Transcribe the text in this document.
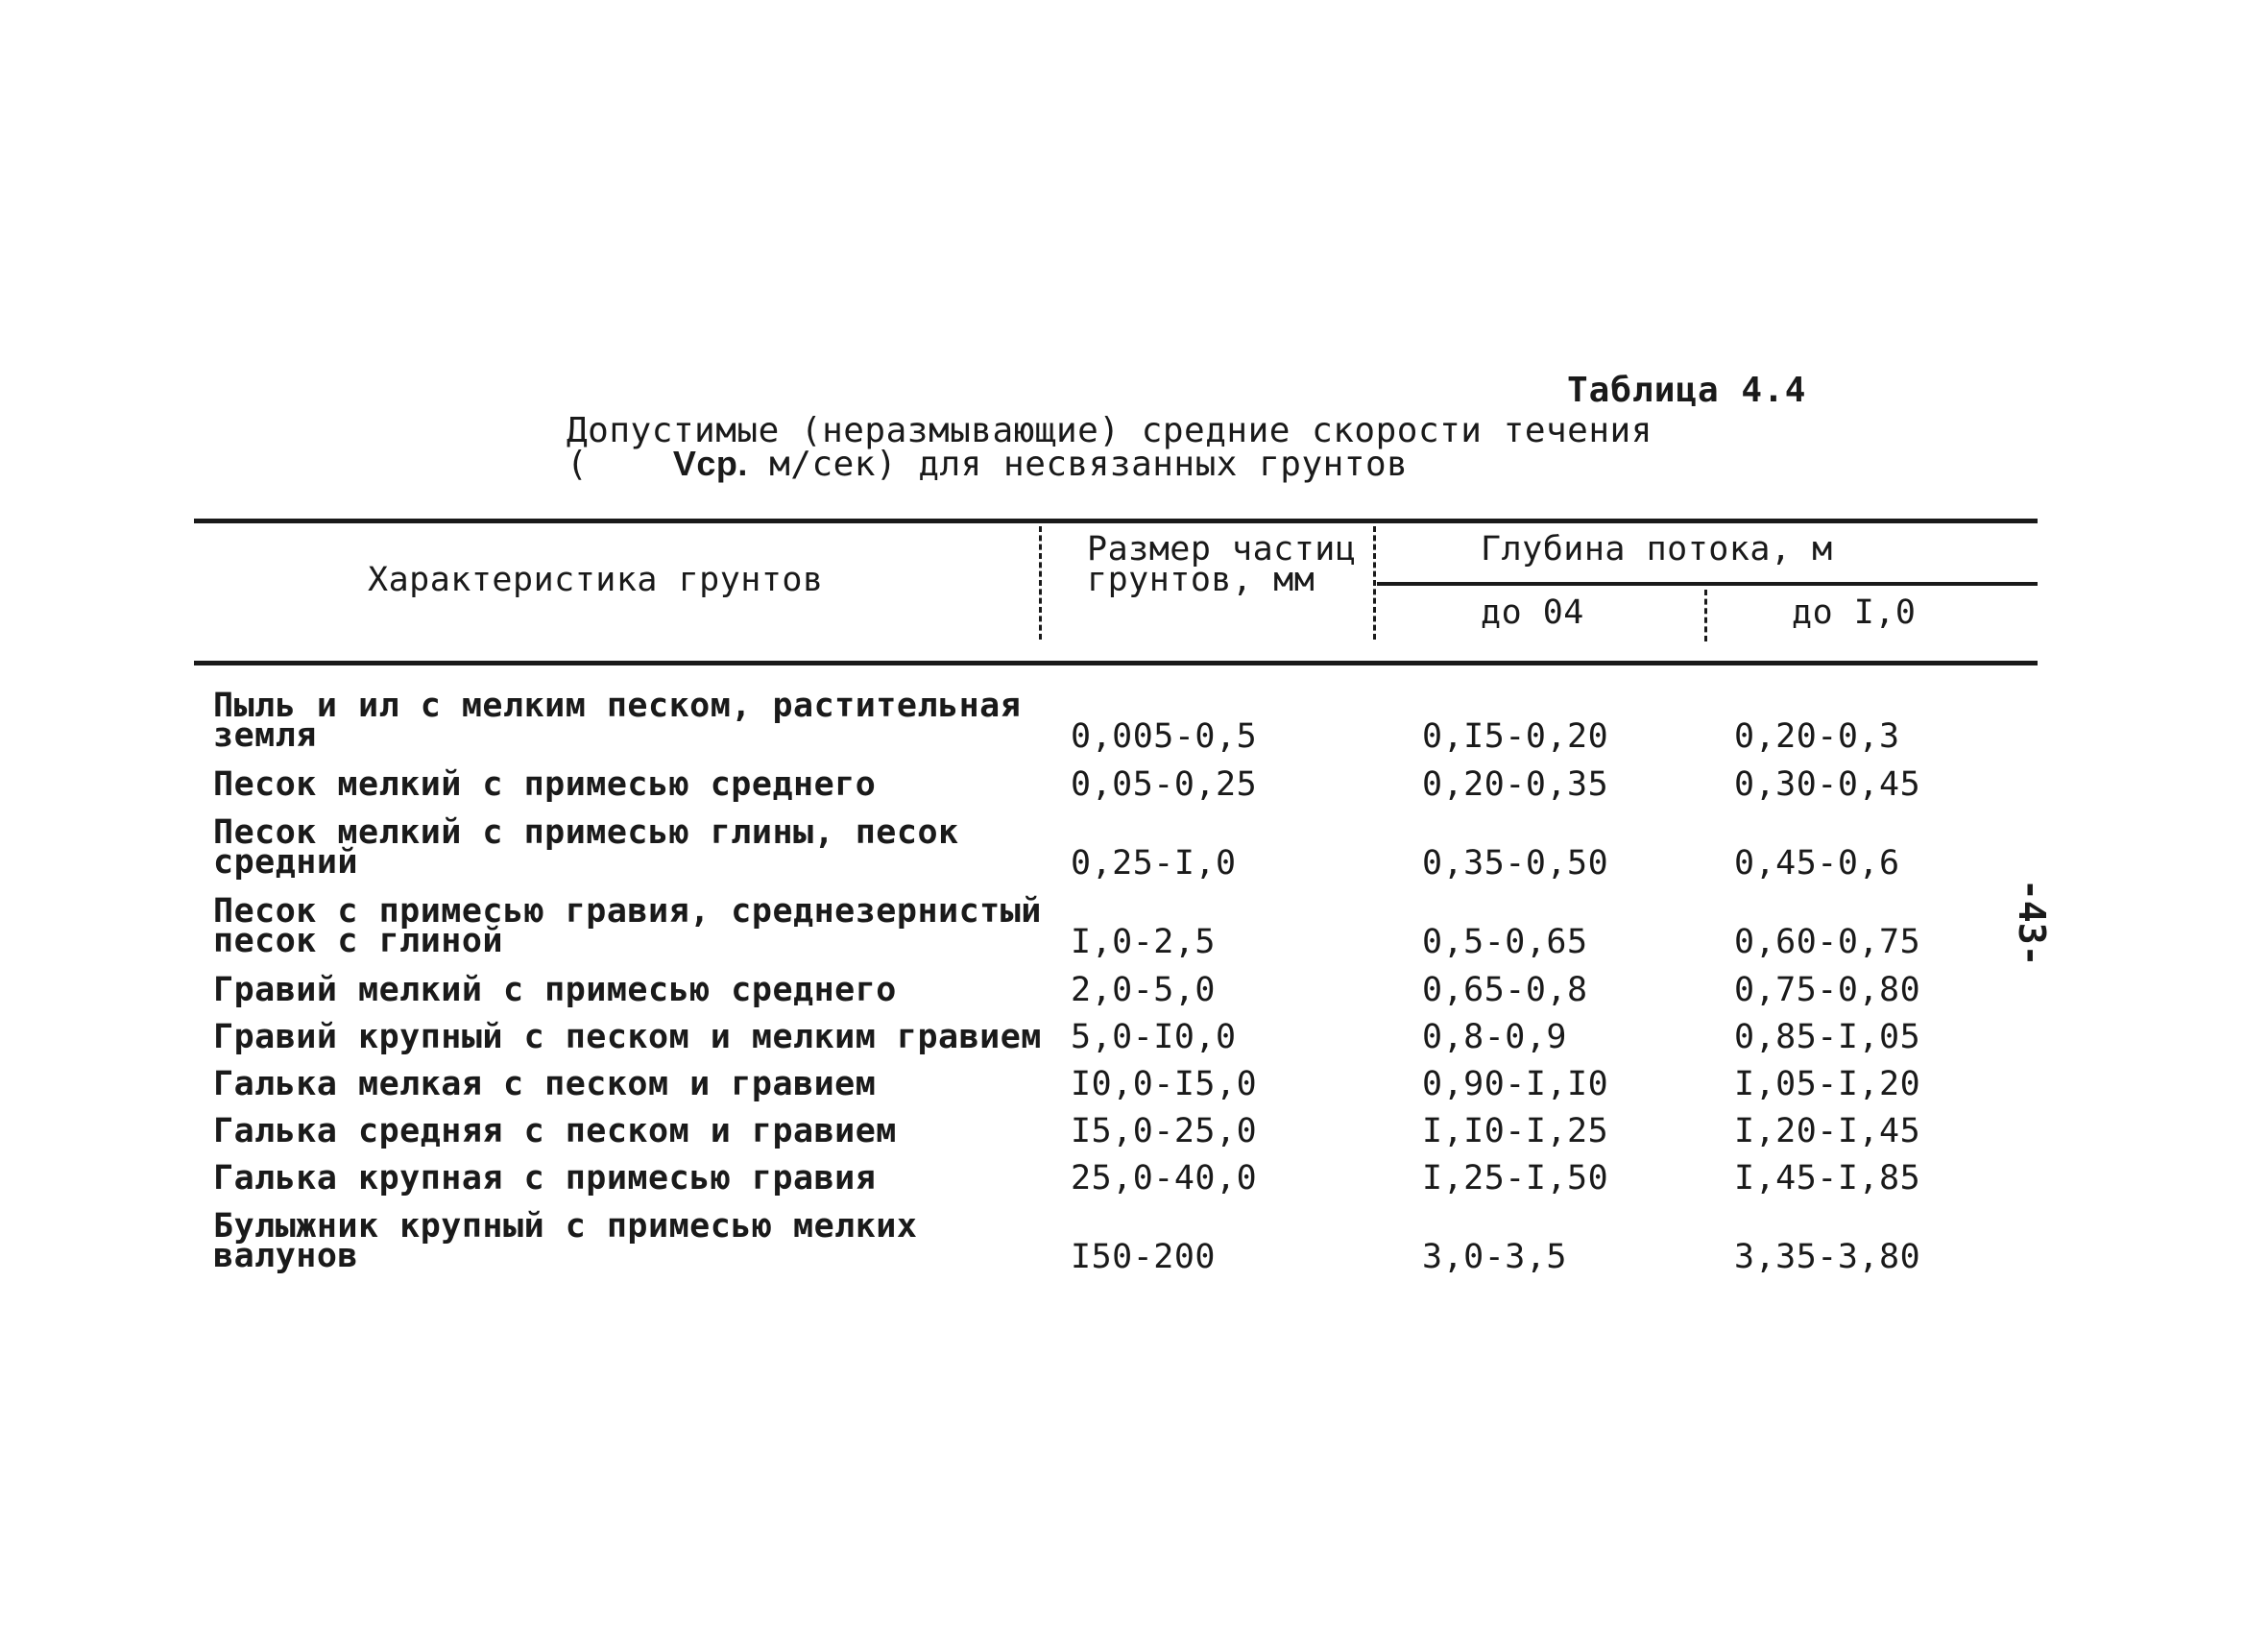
Таблица 4.4
Допустимые (неразмывающие) средние скорости течения
( Vср. м/сек) для несвязанных грунтов
Характеристика грунтов
Размер частиц
грунтов, мм
Глубина потока, м
до 04	до I,0
Пыль и ил с мелким песком, растительная
земля	0,005-0,5	0,I5-0,20	0,20-0,3
Песок мелкий с примесью среднего	0,05-0,25	0,20-0,35	0,30-0,45
Песок мелкий с примесью глины, песок
средний	0,25-I,0	0,35-0,50	0,45-0,6
Песок с примесью гравия, среднезернистый
песок с глиной	I,0-2,5	0,5-0,65	0,60-0,75
Гравий мелкий с примесью среднего	2,0-5,0	0,65-0,8	0,75-0,80
Гравий крупный с песком и мелким гравием 5,0-I0,0	0,8-0,9	0,85-I,05
Галька мелкая с песком и гравием	I0,0-I5,0	0,90-I,I0	I,05-I,20
Галька средняя с песком и гравием	I5,0-25,0	I,I0-I,25	I,20-I,45
Галька крупная с примесью гравия	25,0-40,0	I,25-I,50	I,45-I,85
Булыжник крупный с примесью мелких
валунов	I50-200	3,0-3,5	3,35-3,80
-43-
